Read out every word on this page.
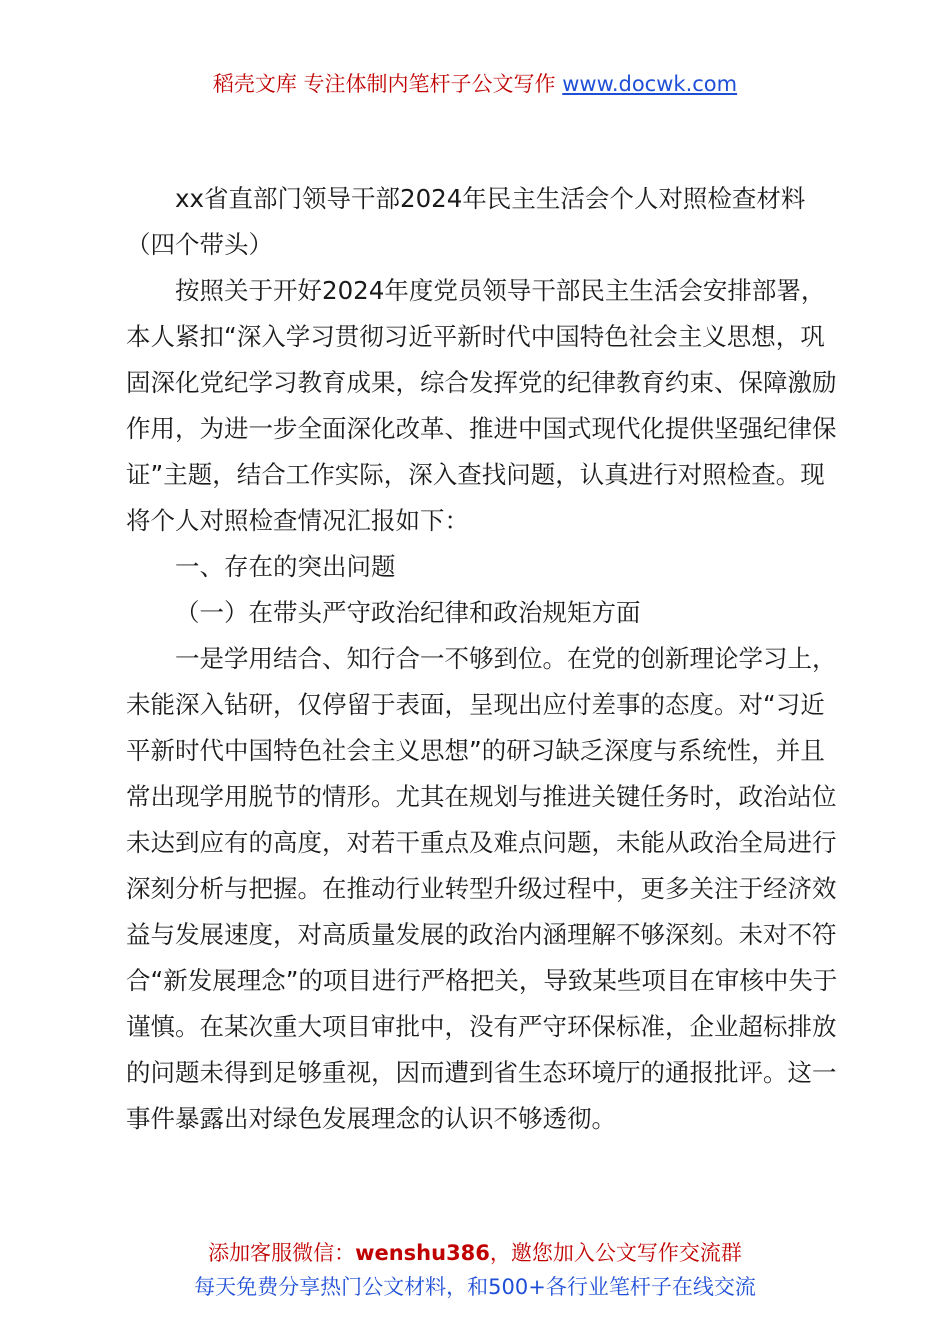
稻壳文库 专注体制内笔杆子公文写作 www.docwk.com

xx省直部门领导干部2024年民主生活会个人对照检查材料（四个带头）

按照关于开好2024年度党员领导干部民主生活会安排部署，本人紧扣“深入学习贯彻习近平新时代中国特色社会主义思想，巩固深化党纪学习教育成果，综合发挥党的纪律教育约束、保障激励作用，为进一步全面深化改革、推进中国式现代化提供坚强纪律保证”主题，结合工作实际，深入查找问题，认真进行对照检查。现将个人对照检查情况汇报如下：

一、存在的突出问题

（一）在带头严守政治纪律和政治规矩方面

一是学用结合、知行合一不够到位。在党的创新理论学习上，未能深入钻研，仅停留于表面，呈现出应付差事的态度。对“习近平新时代中国特色社会主义思想”的研习缺乏深度与系统性，并且常出现学用脱节的情形。尤其在规划与推进关键任务时，政治站位未达到应有的高度，对若干重点及难点问题，未能从政治全局进行深刻分析与把握。在推动行业转型升级过程中，更多关注于经济效益与发展速度，对高质量发展的政治内涵理解不够深刻。未对不符合“新发展理念”的项目进行严格把关，导致某些项目在审核中失于谨慎。在某次重大项目审批中，没有严守环保标准，企业超标排放的问题未得到足够重视，因而遭到省生态环境厅的通报批评。这一事件暴露出对绿色发展理念的认识不够透彻。

添加客服微信：wenshu386，邀您加入公文写作交流群
每天免费分享热门公文材料，和500+各行业笔杆子在线交流
